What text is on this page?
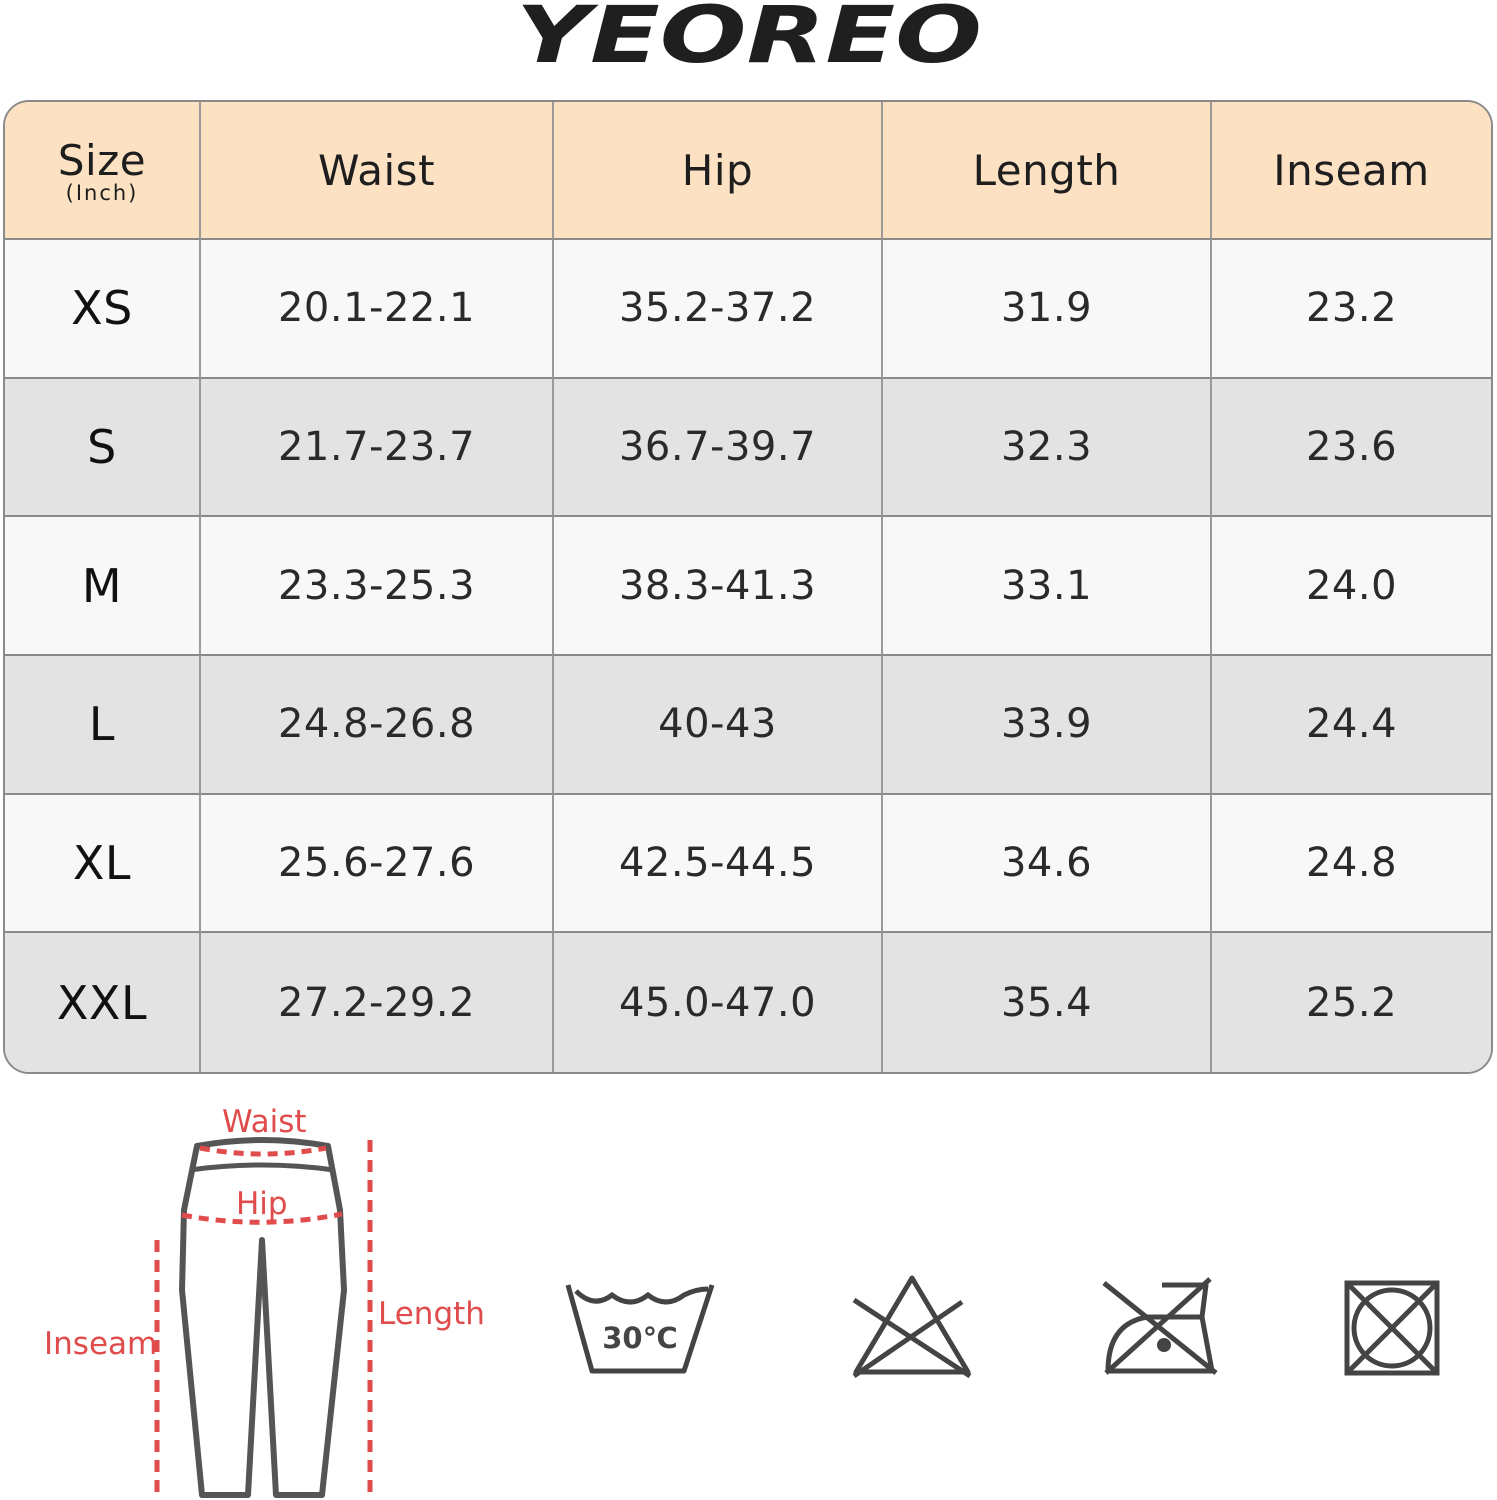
YEOREO
Size
(Inch)	Waist	Hip	Length	Inseam
XS	20.1-22.1	35.2-37.2	31.9	23.2
S	21.7-23.7	36.7-39.7	32.3	23.6
M	23.3-25.3	38.3-41.3	33.1	24.0
L	24.8-26.8	40-43	33.9	24.4
XL	25.6-27.6	42.5-44.5	34.6	24.8
XXL	27.2-29.2	45.0-47.0	35.4	25.2
Waist
Hip
Length
Inseam	30℃
